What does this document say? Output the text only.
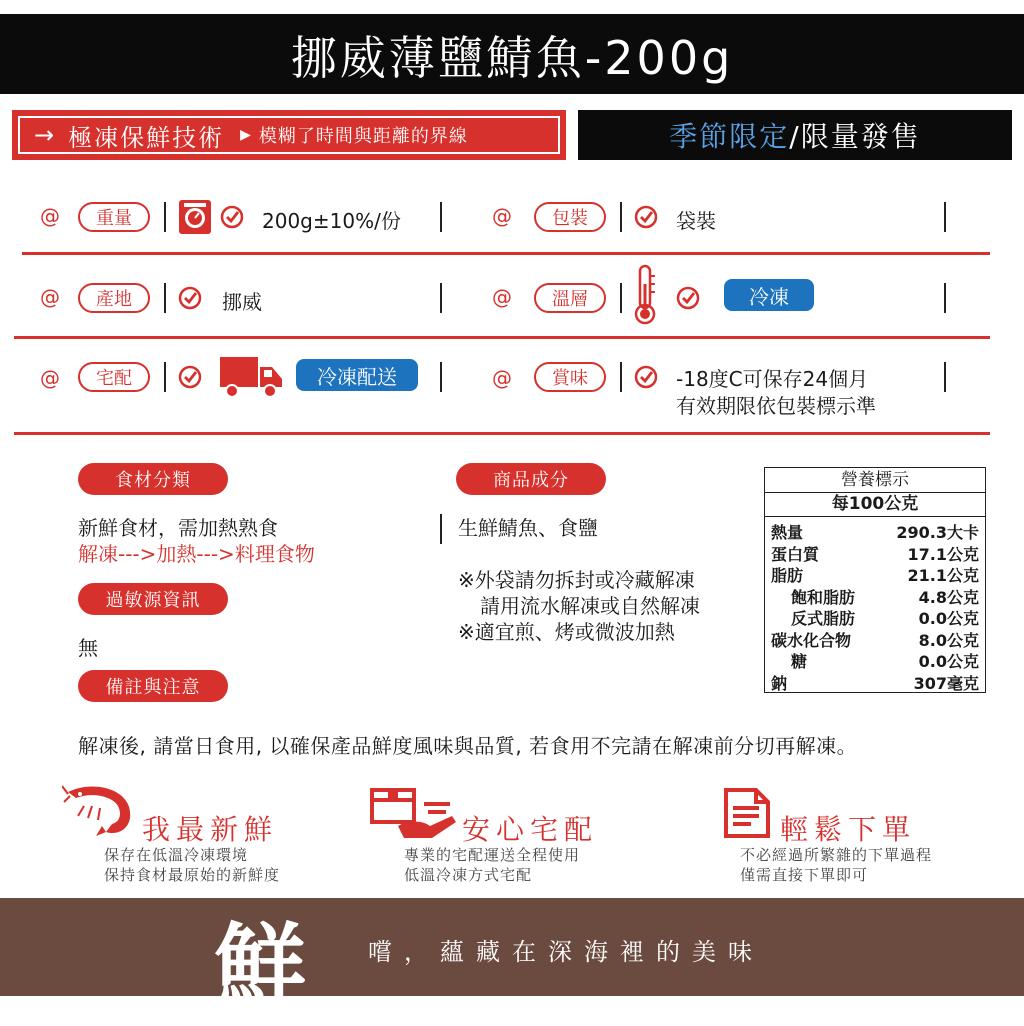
挪威薄鹽鯖魚-200g
→ 極凍保鮮技術 ▶ 模糊了時間與距離的界線	季節限定 /限量發售
@ 重量	200g±10%/份	@ 包裝	袋裝
@ 產地	挪威	@ 溫層	冷凍
@ 宅配	冷凍配送	@ 賞味	-18度C可保存24個月
有效期限依包裝標示準
食材分類
新鮮食材，需加熱熟食
解凍--->加熱--->料理食物
過敏源資訊
無
備註與注意
商品成分
生鮮鯖魚、食鹽
※外袋請勿拆封或冷藏解凍
請用流水解凍或自然解凍
※適宜煎、烤或微波加熱
營養標示
每100公克
熱量	290.3大卡
蛋白質	17.1公克
脂肪	21.1公克
飽和脂肪	4.8公克
反式脂肪	0.0公克
碳水化合物	8.0公克
糖	0.0公克
鈉	307毫克
解凍後, 請當日食用, 以確保產品鮮度風味與品質, 若食用不完請在解凍前分切再解凍。
我最新鮮
保存在低溫冷凍環境
保持食材最原始的新鮮度
安心宅配
專業的宅配運送全程使用
低溫冷凍方式宅配
輕鬆下單
不必經過所繁雜的下單過程
僅需直接下單即可
鮮	嚐，蘊藏在深海裡的美味
